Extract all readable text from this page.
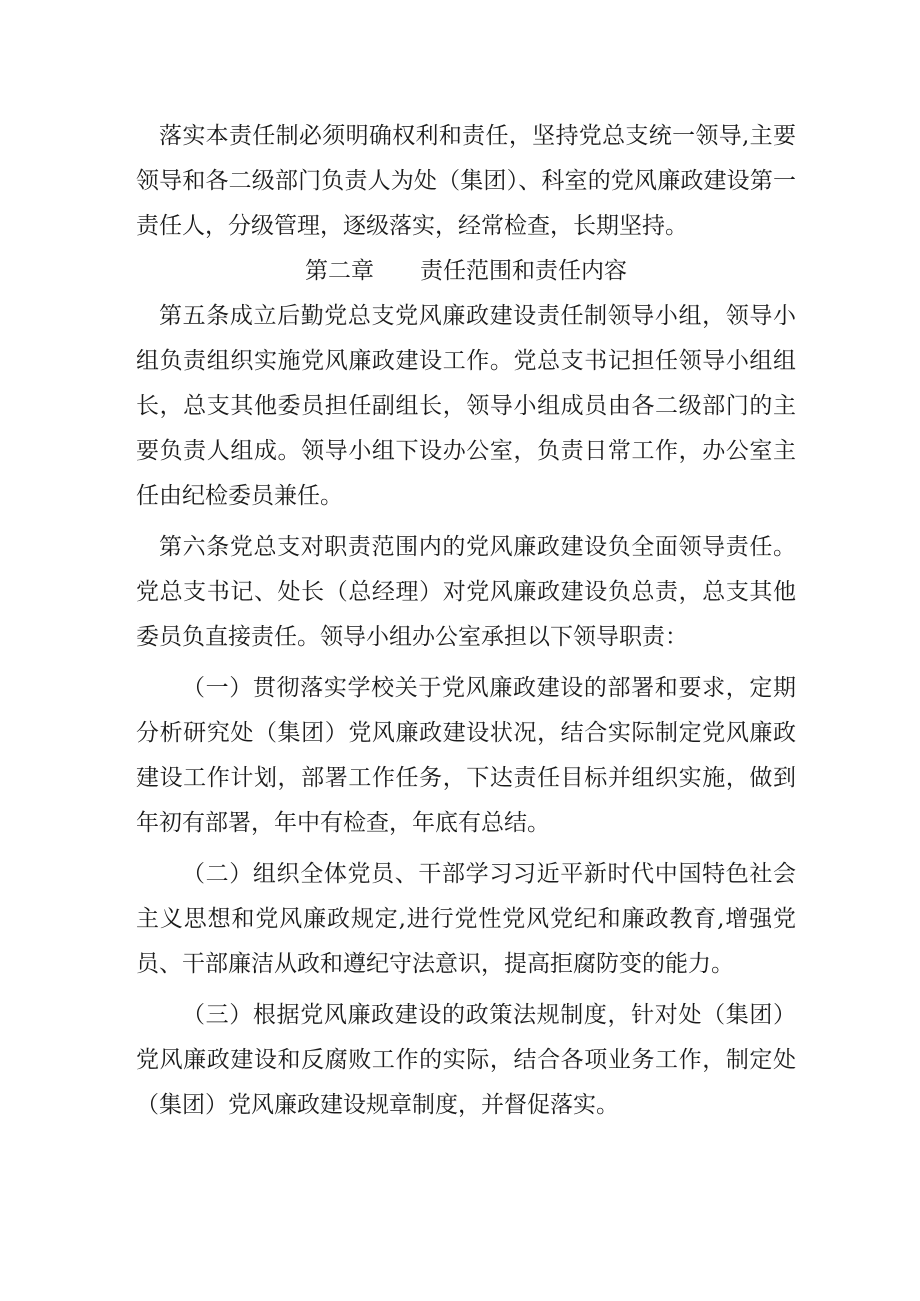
落实本责任制必须明确权利和责任，坚持党总支统一领导,主要领导和各二级部门负责人为处（集团）、科室的党风廉政建设第一责任人，分级管理，逐级落实，经常检查，长期坚持。

第二章　　责任范围和责任内容

第五条成立后勤党总支党风廉政建设责任制领导小组，领导小组负责组织实施党风廉政建设工作。党总支书记担任领导小组组长，总支其他委员担任副组长，领导小组成员由各二级部门的主要负责人组成。领导小组下设办公室，负责日常工作，办公室主任由纪检委员兼任。

第六条党总支对职责范围内的党风廉政建设负全面领导责任。党总支书记、处长（总经理）对党风廉政建设负总责，总支其他委员负直接责任。领导小组办公室承担以下领导职责：

（一）贯彻落实学校关于党风廉政建设的部署和要求，定期分析研究处（集团）党风廉政建设状况，结合实际制定党风廉政建设工作计划，部署工作任务，下达责任目标并组织实施，做到年初有部署，年中有检查，年底有总结。

（二）组织全体党员、干部学习习近平新时代中国特色社会主义思想和党风廉政规定,进行党性党风党纪和廉政教育,增强党员、干部廉洁从政和遵纪守法意识，提高拒腐防变的能力。

（三）根据党风廉政建设的政策法规制度，针对处（集团）党风廉政建设和反腐败工作的实际，结合各项业务工作，制定处（集团）党风廉政建设规章制度，并督促落实。
